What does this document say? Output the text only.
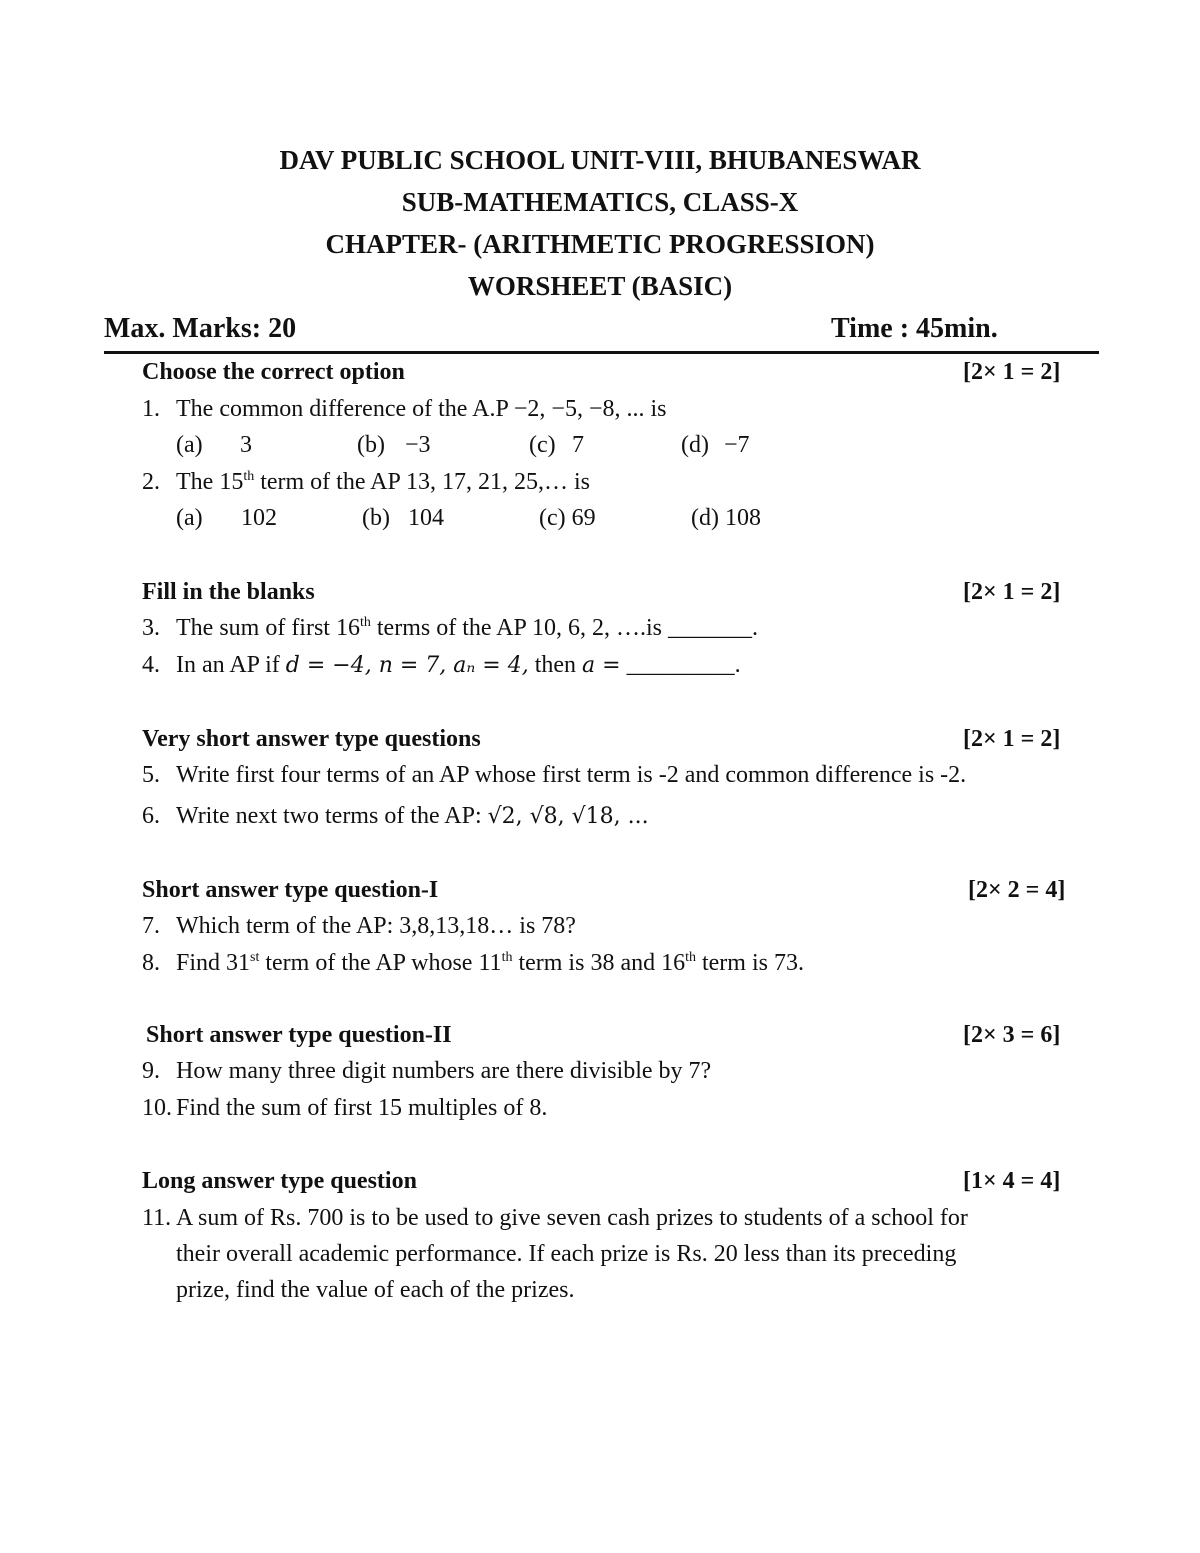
DAV PUBLIC SCHOOL UNIT-VIII, BHUBANESWAR
SUB-MATHEMATICS, CLASS-X
CHAPTER- (ARITHMETIC PROGRESSION)
WORSHEET (BASIC)
Max. Marks: 20	Time : 45min.
Choose the correct option	[2× 1 = 2]
1. The common difference of the A.P −2, −5, −8, ... is
(a) 3	(b) −3	(c) 7	(d) −7
2. The 15th term of the AP 13, 17, 21, 25,… is
(a) 102	(b) 104	(c) 69	(d) 108
Fill in the blanks	[2× 1 = 2]
3. The sum of first 16th terms of the AP 10, 6, 2, ….is _______.
4. In an AP if d = −4, n = 7, aₙ = 4, then a = _________.
Very short answer type questions	[2× 1 = 2]
5. Write first four terms of an AP whose first term is -2 and common difference is -2.
6. Write next two terms of the AP: √2, √8, √18, ...
Short answer type question-I	[2× 2 = 4]
7. Which term of the AP: 3,8,13,18… is 78?
8. Find 31st term of the AP whose 11th term is 38 and 16th term is 73.
Short answer type question-II	[2× 3 = 6]
9. How many three digit numbers are there divisible by 7?
10. Find the sum of first 15 multiples of 8.
Long answer type question	[1× 4 = 4]
11. A sum of Rs. 700 is to be used to give seven cash prizes to students of a school for
their overall academic performance. If each prize is Rs. 20 less than its preceding
prize, find the value of each of the prizes.
